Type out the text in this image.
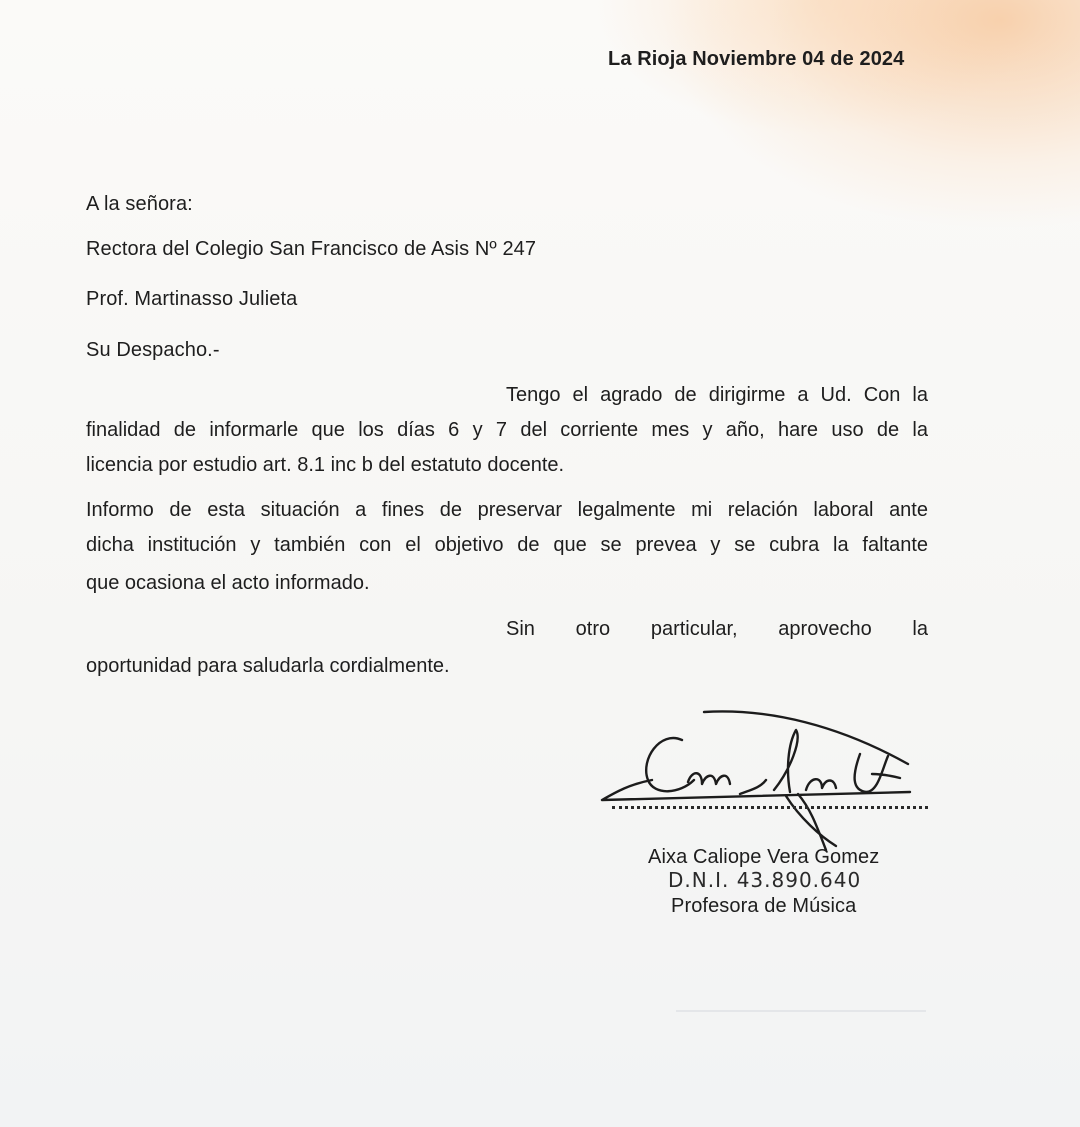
La Rioja Noviembre 04 de 2024
A la señora:
Rectora del Colegio San Francisco de Asis Nº 247
Prof. Martinasso Julieta
Su Despacho.-
Tengo el agrado de dirigirme a Ud. Con la
finalidad de informarle que los días 6 y 7 del corriente mes y año, hare uso de la
licencia por estudio art. 8.1 inc b del estatuto docente.
Informo de esta situación a fines de preservar legalmente mi relación laboral ante
dicha institución y también con el objetivo de que se prevea y se cubra la faltante
que ocasiona el acto informado.
Sin otro particular, aprovecho la
oportunidad para saludarla cordialmente.
Aixa Caliope Vera Gomez
D.N.I. 43.890.640
Profesora de Música
